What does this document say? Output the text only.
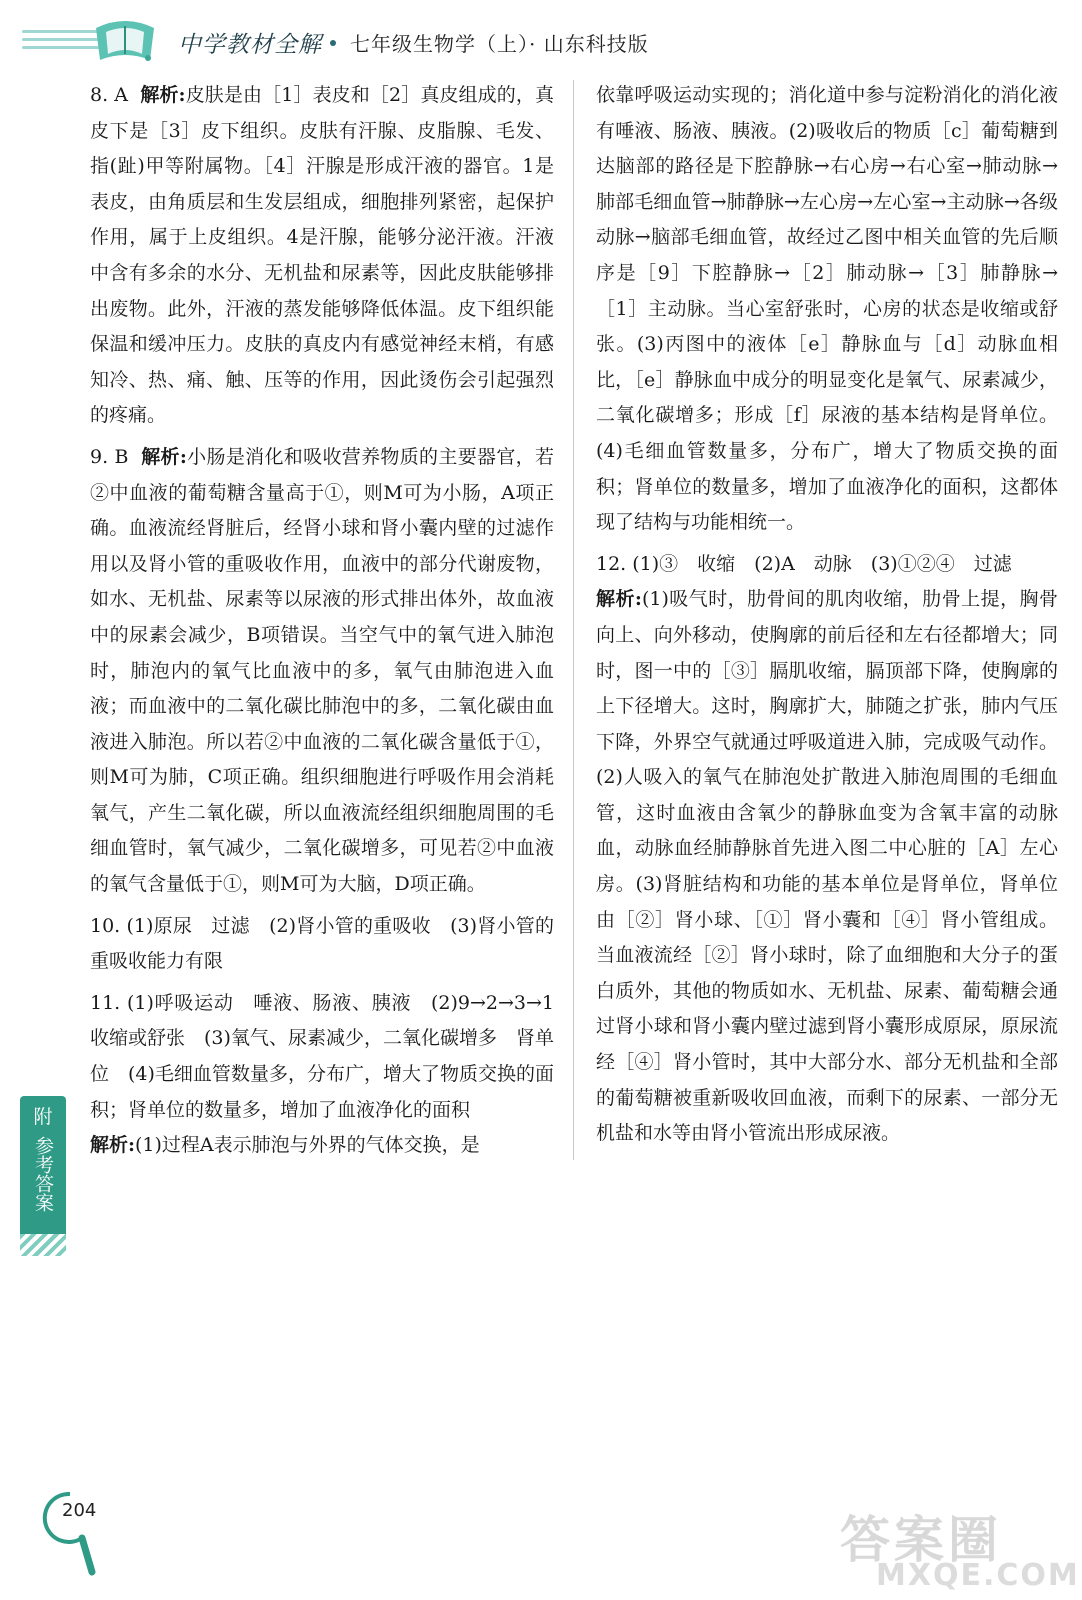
中学教材全解 七年级生物学（上）· 山东科技版
8. A 解析:皮肤是由［1］表皮和［2］真皮组成的，真皮下是［3］皮下组织。皮肤有汗腺、皮脂腺、毛发、指(趾)甲等附属物。［4］汗腺是形成汗液的器官。1是表皮，由角质层和生发层组成，细胞排列紧密，起保护作用，属于上皮组织。4是汗腺，能够分泌汗液。汗液中含有多余的水分、无机盐和尿素等，因此皮肤能够排出废物。此外，汗液的蒸发能够降低体温。皮下组织能保温和缓冲压力。皮肤的真皮内有感觉神经末梢，有感知冷、热、痛、触、压等的作用，因此烫伤会引起强烈的疼痛。
9. B 解析:小肠是消化和吸收营养物质的主要器官，若②中血液的葡萄糖含量高于①，则M可为小肠，A项正确。血液流经肾脏后，经肾小球和肾小囊内壁的过滤作用以及肾小管的重吸收作用，血液中的部分代谢废物，如水、无机盐、尿素等以尿液的形式排出体外，故血液中的尿素会减少，B项错误。当空气中的氧气进入肺泡时，肺泡内的氧气比血液中的多，氧气由肺泡进入血液；而血液中的二氧化碳比肺泡中的多，二氧化碳由血液进入肺泡。所以若②中血液的二氧化碳含量低于①，则M可为肺，C项正确。组织细胞进行呼吸作用会消耗氧气，产生二氧化碳，所以血液流经组织细胞周围的毛细血管时，氧气减少，二氧化碳增多，可见若②中血液的氧气含量低于①，则M可为大脑，D项正确。
10. (1)原尿　过滤　(2)肾小管的重吸收　(3)肾小管的重吸收能力有限
11. (1)呼吸运动　唾液、肠液、胰液　(2)9→2→3→1　收缩或舒张　(3)氧气、尿素减少，二氧化碳增多　肾单位　(4)毛细血管数量多，分布广，增大了物质交换的面积；肾单位的数量多，增加了血液净化的面积
解析:(1)过程A表示肺泡与外界的气体交换，是
依靠呼吸运动实现的；消化道中参与淀粉消化的消化液有唾液、肠液、胰液。(2)吸收后的物质［c］葡萄糖到达脑部的路径是下腔静脉→右心房→右心室→肺动脉→肺部毛细血管→肺静脉→左心房→左心室→主动脉→各级动脉→脑部毛细血管，故经过乙图中相关血管的先后顺序是［9］下腔静脉→［2］肺动脉→［3］肺静脉→［1］主动脉。当心室舒张时，心房的状态是收缩或舒张。(3)丙图中的液体［e］静脉血与［d］动脉血相比，［e］静脉血中成分的明显变化是氧气、尿素减少，二氧化碳增多；形成［f］尿液的基本结构是肾单位。(4)毛细血管数量多，分布广，增大了物质交换的面积；肾单位的数量多，增加了血液净化的面积，这都体现了结构与功能相统一。
12. (1)③　收缩　(2)A　动脉　(3)①②④　过滤
解析:(1)吸气时，肋骨间的肌肉收缩，肋骨上提，胸骨向上、向外移动，使胸廓的前后径和左右径都增大；同时，图一中的［③］膈肌收缩，膈顶部下降，使胸廓的上下径增大。这时，胸廓扩大，肺随之扩张，肺内气压下降，外界空气就通过呼吸道进入肺，完成吸气动作。(2)人吸入的氧气在肺泡处扩散进入肺泡周围的毛细血管，这时血液由含氧少的静脉血变为含氧丰富的动脉血，动脉血经肺静脉首先进入图二中心脏的［A］左心房。(3)肾脏结构和功能的基本单位是肾单位，肾单位由［②］肾小球、［①］肾小囊和［④］肾小管组成。当血液流经［②］肾小球时，除了血细胞和大分子的蛋白质外，其他的物质如水、无机盐、尿素、葡萄糖会通过肾小球和肾小囊内壁过滤到肾小囊形成原尿，原尿流经［④］肾小管时，其中大部分水、部分无机盐和全部的葡萄糖被重新吸收回血液，而剩下的尿素、一部分无机盐和水等由肾小管流出形成尿液。
附
参考答案
204
答案圈
MXQE.COM
